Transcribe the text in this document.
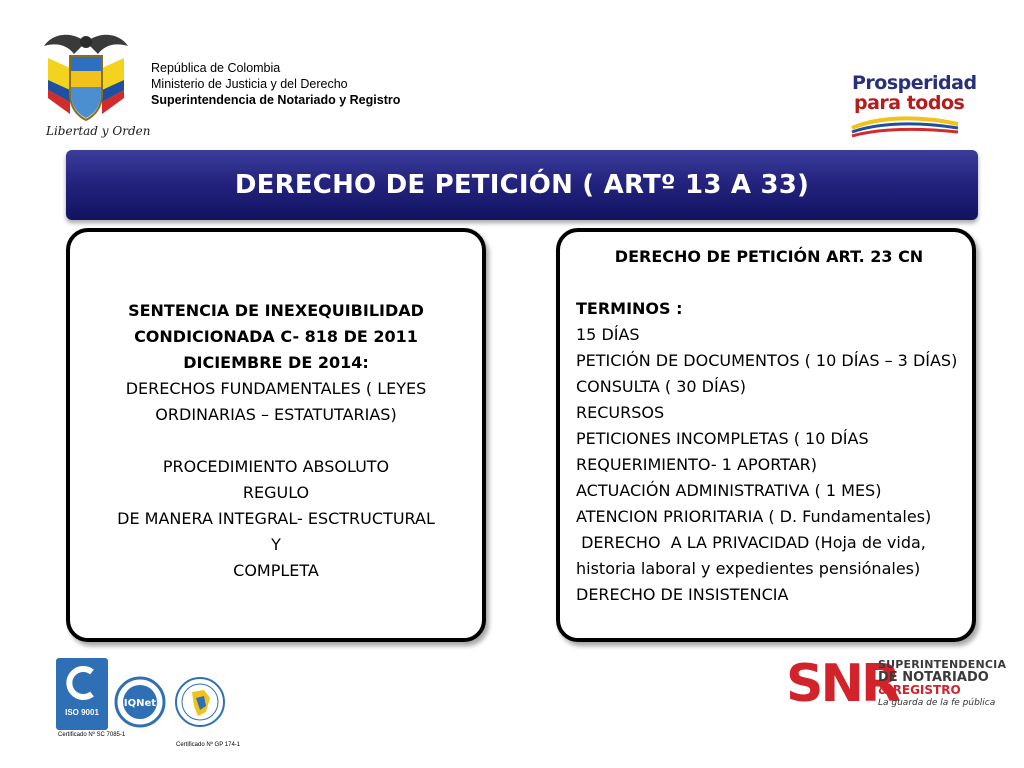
Libertad y Orden
República de Colombia
Ministerio de Justicia y del Derecho
Superintendencia de Notariado y Registro
Prosperidad
para todos
DERECHO DE PETICIÓN ( ARTº 13 A 33)
SENTENCIA DE INEXEQUIBILIDAD
CONDICIONADA C- 818 DE 2011
DICIEMBRE DE 2014:
DERECHOS FUNDAMENTALES ( LEYES
ORDINARIAS – ESTATUTARIAS)
PROCEDIMIENTO ABSOLUTO
REGULO
DE MANERA INTEGRAL- ESCTRUCTURAL
Y
COMPLETA
DERECHO DE PETICIÓN ART. 23 CN
TERMINOS :
15 DÍAS
PETICIÓN DE DOCUMENTOS ( 10 DÍAS – 3 DÍAS)
CONSULTA ( 30 DÍAS)
RECURSOS
PETICIONES INCOMPLETAS ( 10 DÍAS REQUERIMIENTO- 1 APORTAR)
ACTUACIÓN ADMINISTRATIVA ( 1 MES)
ATENCION PRIORITARIA ( D. Fundamentales)
DERECHO  A LA PRIVACIDAD (Hoja de vida, historia laboral y expedientes pensiónales)
DERECHO DE INSISTENCIA
ISO 9001
Certificado Nº SC 7085-1
IQNet
Certificado Nº GP 174-1
SNR
SUPERINTENDENCIA
DE NOTARIADO
& REGISTRO
La guarda de la fe pública
